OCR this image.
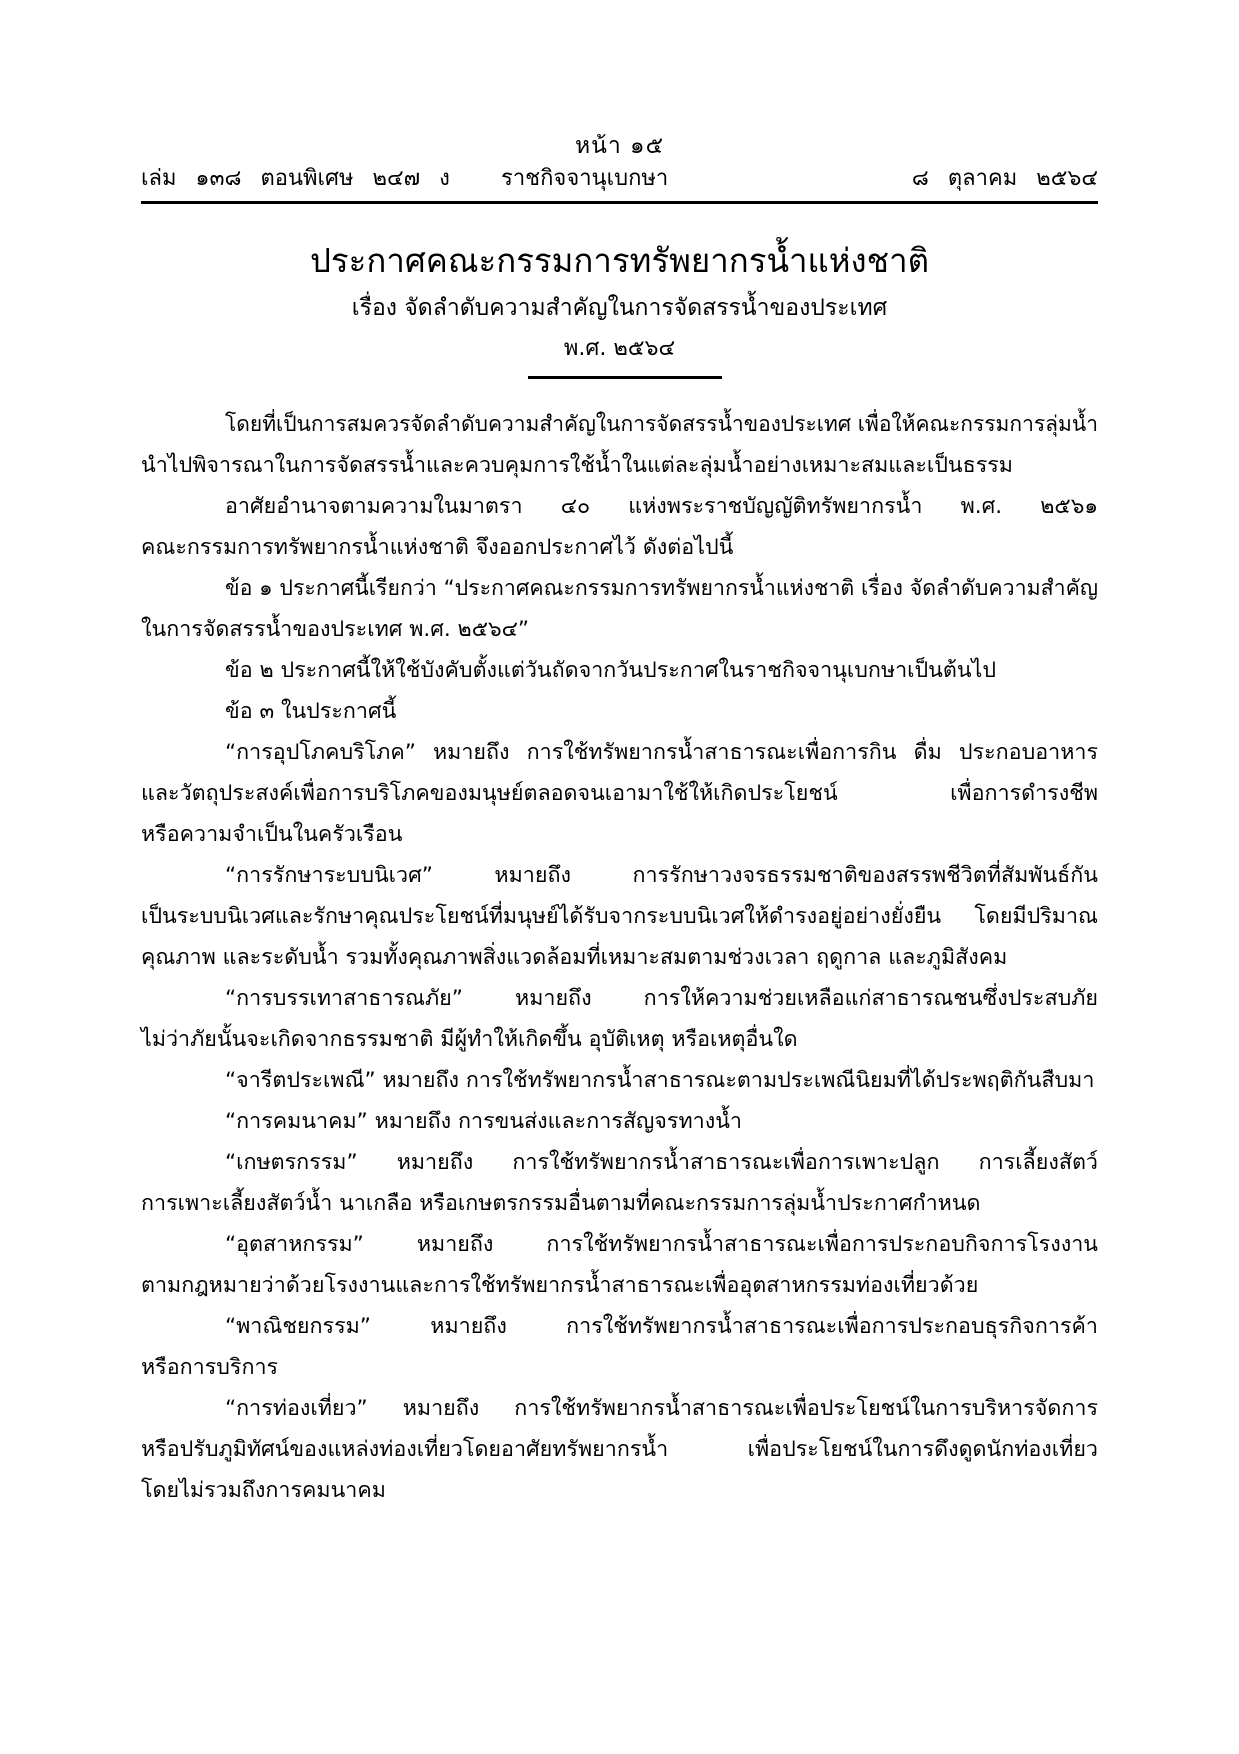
หน้า ๑๕
เล่ม ๑๓๘ ตอนพิเศษ ๒๔๗ ง ราชกิจจานุเบกษา	๘ ตุลาคม ๒๕๖๔
ประกาศคณะกรรมการทรัพยากรน้ำแห่งชาติ
เรื่อง จัดลำดับความสำคัญในการจัดสรรน้ำของประเทศ
พ.ศ. ๒๕๖๔
โดยที่เป็นการสมควรจัดลำดับความสำคัญในการจัดสรรน้ำของประเทศ เพื่อให้คณะกรรมการลุ่มน้ำ
นำไปพิจารณาในการจัดสรรน้ำและควบคุมการใช้น้ำในแต่ละลุ่มน้ำอย่างเหมาะสมและเป็นธรรม
อาศัยอำนาจตามความในมาตรา ๔๐ แห่งพระราชบัญญัติทรัพยากรน้ำ พ.ศ. ๒๕๖๑
คณะกรรมการทรัพยากรน้ำแห่งชาติ จึงออกประกาศไว้ ดังต่อไปนี้
ข้อ ๑ ประกาศนี้เรียกว่า “ประกาศคณะกรรมการทรัพยากรน้ำแห่งชาติ เรื่อง จัดลำดับความสำคัญ
ในการจัดสรรน้ำของประเทศ พ.ศ. ๒๕๖๔”
ข้อ ๒ ประกาศนี้ให้ใช้บังคับตั้งแต่วันถัดจากวันประกาศในราชกิจจานุเบกษาเป็นต้นไป
ข้อ ๓ ในประกาศนี้
“การอุปโภคบริโภค” หมายถึง การใช้ทรัพยากรน้ำสาธารณะเพื่อการกิน ดื่ม ประกอบอาหาร
และวัตถุประสงค์เพื่อการบริโภคของมนุษย์ตลอดจนเอามาใช้ให้เกิดประโยชน์ เพื่อการดำรงชีพ
หรือความจำเป็นในครัวเรือน
“การรักษาระบบนิเวศ” หมายถึง การรักษาวงจรธรรมชาติของสรรพชีวิตที่สัมพันธ์กัน
เป็นระบบนิเวศและรักษาคุณประโยชน์ที่มนุษย์ได้รับจากระบบนิเวศให้ดำรงอยู่อย่างยั่งยืน โดยมีปริมาณ
คุณภาพ และระดับน้ำ รวมทั้งคุณภาพสิ่งแวดล้อมที่เหมาะสมตามช่วงเวลา ฤดูกาล และภูมิสังคม
“การบรรเทาสาธารณภัย” หมายถึง การให้ความช่วยเหลือแก่สาธารณชนซึ่งประสบภัย
ไม่ว่าภัยนั้นจะเกิดจากธรรมชาติ มีผู้ทำให้เกิดขึ้น อุบัติเหตุ หรือเหตุอื่นใด
“จารีตประเพณี” หมายถึง การใช้ทรัพยากรน้ำสาธารณะตามประเพณีนิยมที่ได้ประพฤติกันสืบมา
“การคมนาคม” หมายถึง การขนส่งและการสัญจรทางน้ำ
“เกษตรกรรม” หมายถึง การใช้ทรัพยากรน้ำสาธารณะเพื่อการเพาะปลูก การเลี้ยงสัตว์
การเพาะเลี้ยงสัตว์น้ำ นาเกลือ หรือเกษตรกรรมอื่นตามที่คณะกรรมการลุ่มน้ำประกาศกำหนด
“อุตสาหกรรม” หมายถึง การใช้ทรัพยากรน้ำสาธารณะเพื่อการประกอบกิจการโรงงาน
ตามกฎหมายว่าด้วยโรงงานและการใช้ทรัพยากรน้ำสาธารณะเพื่ออุตสาหกรรมท่องเที่ยวด้วย
“พาณิชยกรรม” หมายถึง การใช้ทรัพยากรน้ำสาธารณะเพื่อการประกอบธุรกิจการค้า
หรือการบริการ
“การท่องเที่ยว” หมายถึง การใช้ทรัพยากรน้ำสาธารณะเพื่อประโยชน์ในการบริหารจัดการ
หรือปรับภูมิทัศน์ของแหล่งท่องเที่ยวโดยอาศัยทรัพยากรน้ำ เพื่อประโยชน์ในการดึงดูดนักท่องเที่ยว
โดยไม่รวมถึงการคมนาคม
